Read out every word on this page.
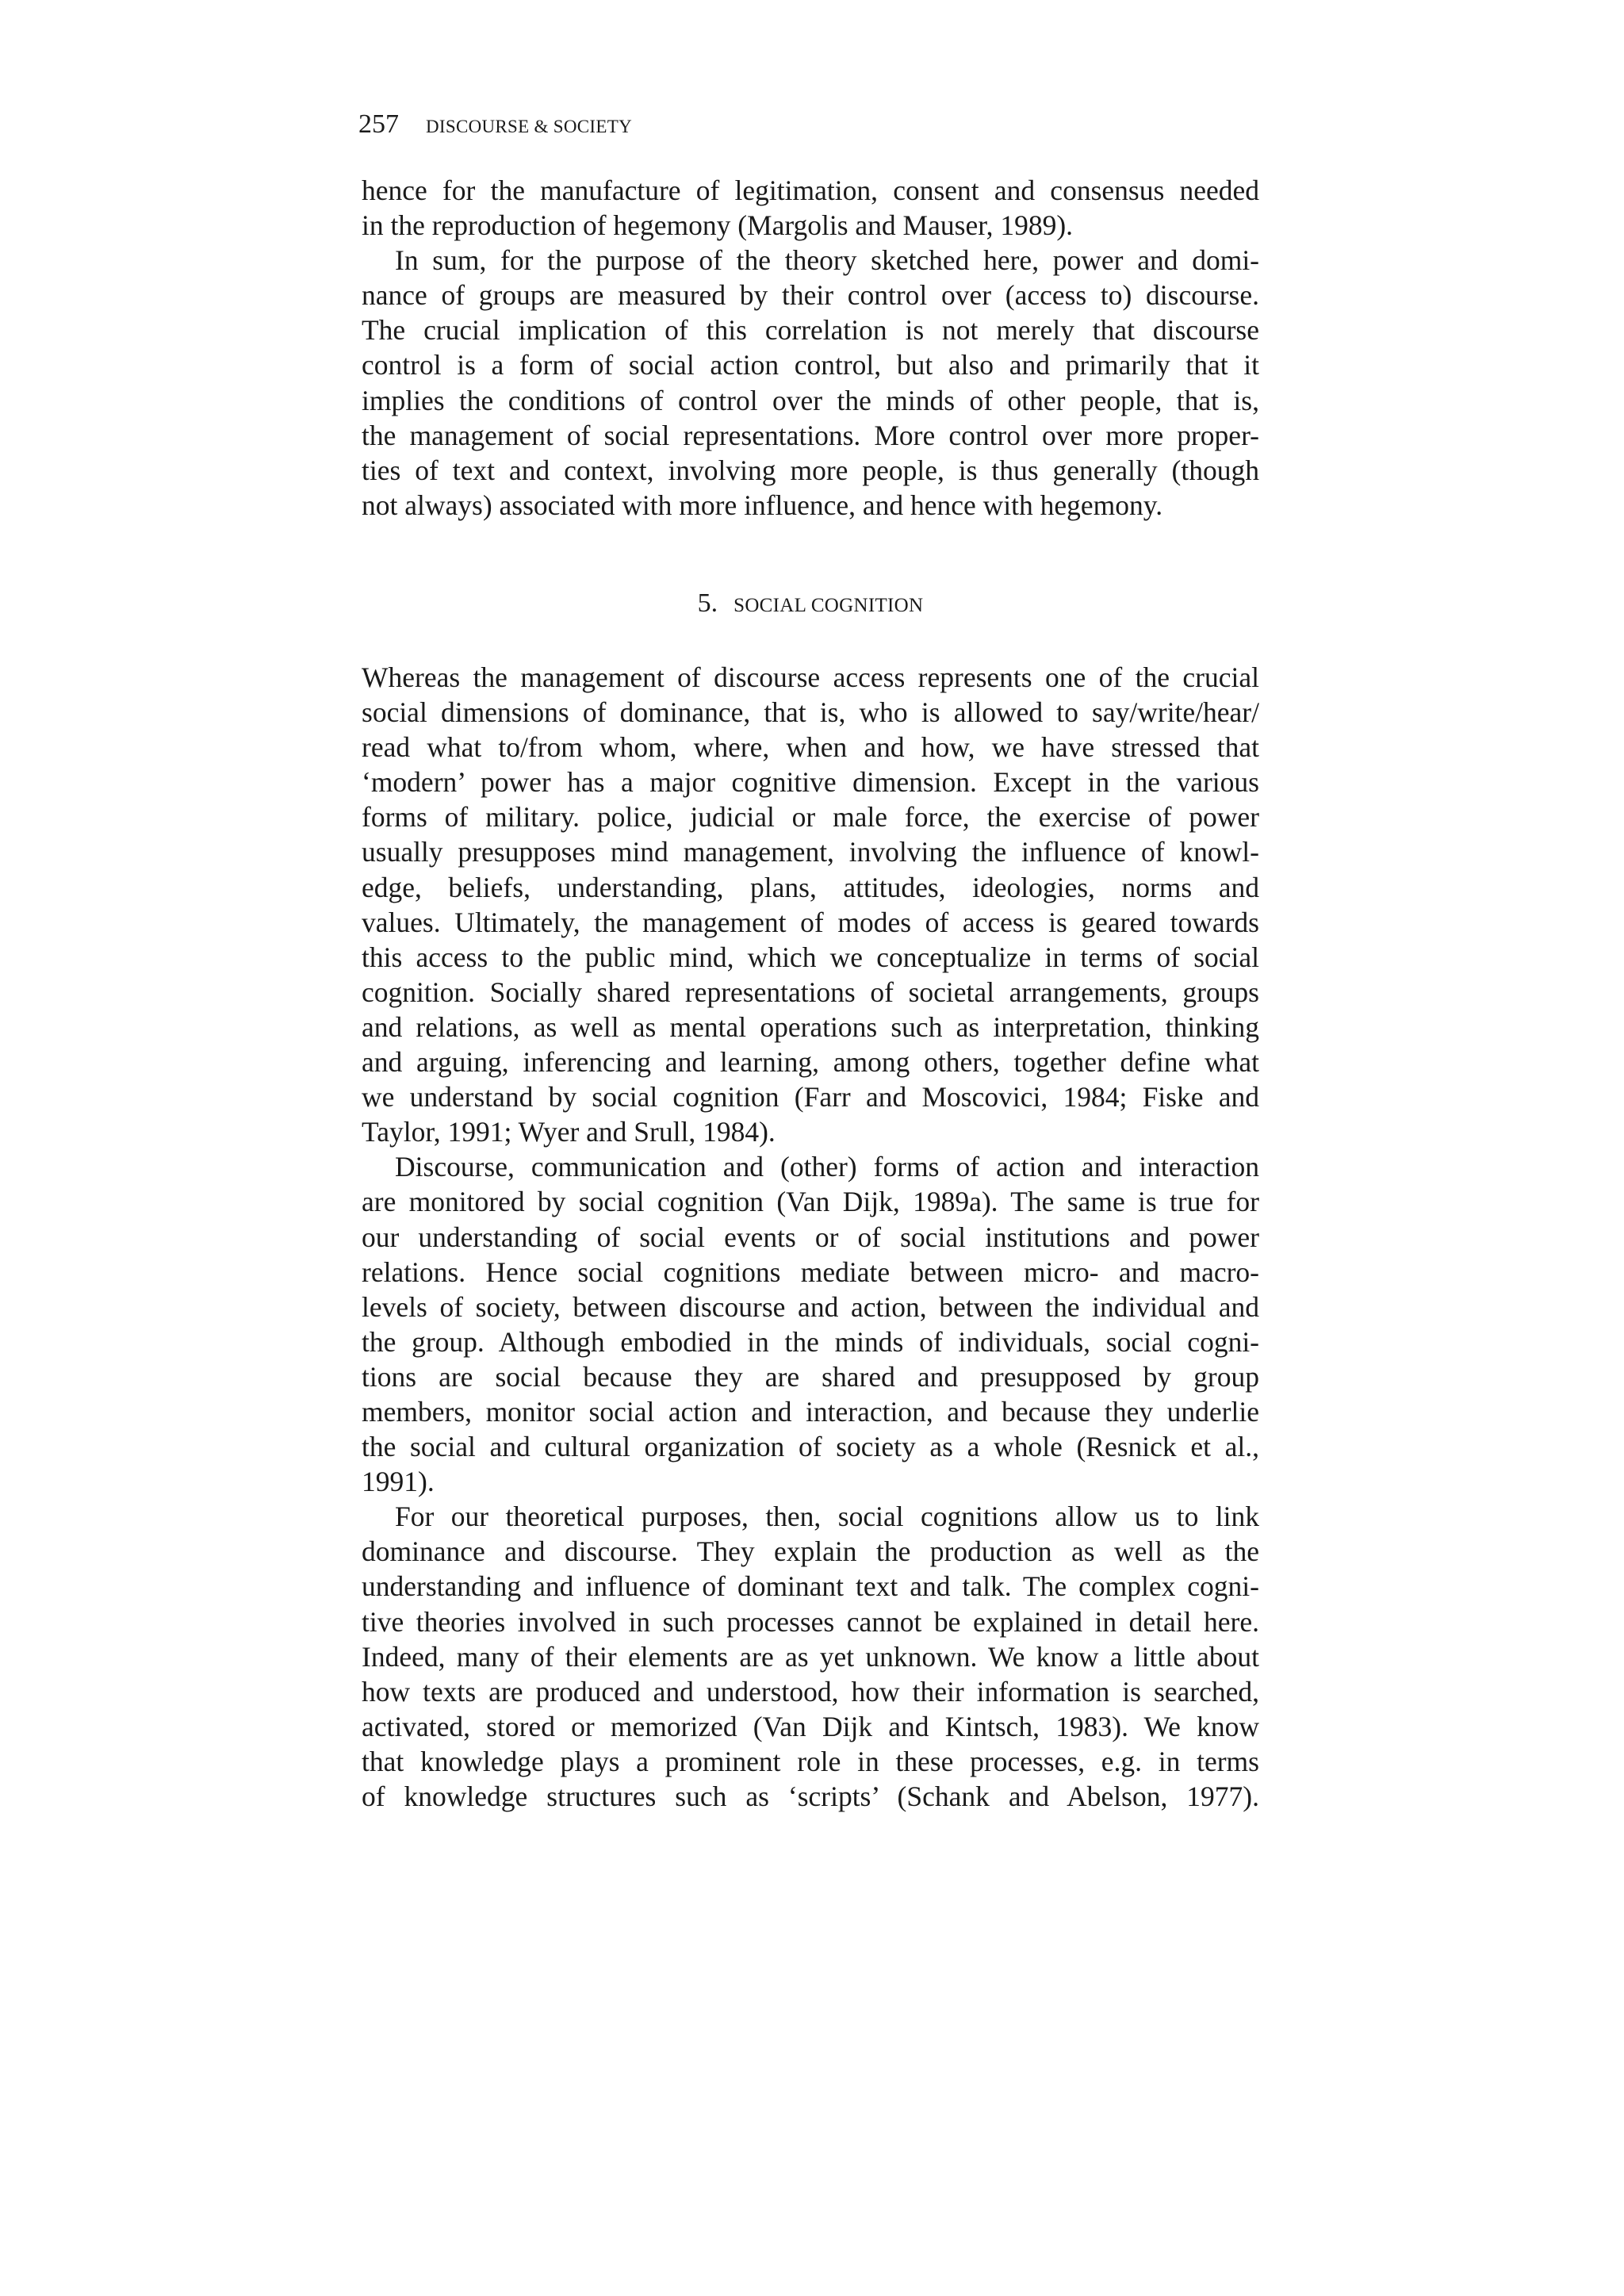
257 DISCOURSE & SOCIETY
hence for the manufacture of legitimation, consent and consensus needed
in the reproduction of hegemony (Margolis and Mauser, 1989).
In sum, for the purpose of the theory sketched here, power and domi-
nance of groups are measured by their control over (access to) discourse.
The crucial implication of this correlation is not merely that discourse
control is a form of social action control, but also and primarily that it
implies the conditions of control over the minds of other people, that is,
the management of social representations. More control over more proper-
ties of text and context, involving more people, is thus generally (though
not always) associated with more influence, and hence with hegemony.
5. SOCIAL COGNITION
Whereas the management of discourse access represents one of the crucial
social dimensions of dominance, that is, who is allowed to say/write/hear/
read what to/from whom, where, when and how, we have stressed that
‘modern’ power has a major cognitive dimension. Except in the various
forms of military. police, judicial or male force, the exercise of power
usually presupposes mind management, involving the influence of knowl-
edge, beliefs, understanding, plans, attitudes, ideologies, norms and
values. Ultimately, the management of modes of access is geared towards
this access to the public mind, which we conceptualize in terms of social
cognition. Socially shared representations of societal arrangements, groups
and relations, as well as mental operations such as interpretation, thinking
and arguing, inferencing and learning, among others, together define what
we understand by social cognition (Farr and Moscovici, 1984; Fiske and
Taylor, 1991; Wyer and Srull, 1984).
Discourse, communication and (other) forms of action and interaction
are monitored by social cognition (Van Dijk, 1989a). The same is true for
our understanding of social events or of social institutions and power
relations. Hence social cognitions mediate between micro- and macro-
levels of society, between discourse and action, between the individual and
the group. Although embodied in the minds of individuals, social cogni-
tions are social because they are shared and presupposed by group
members, monitor social action and interaction, and because they underlie
the social and cultural organization of society as a whole (Resnick et al.,
1991).
For our theoretical purposes, then, social cognitions allow us to link
dominance and discourse. They explain the production as well as the
understanding and influence of dominant text and talk. The complex cogni-
tive theories involved in such processes cannot be explained in detail here.
Indeed, many of their elements are as yet unknown. We know a little about
how texts are produced and understood, how their information is searched,
activated, stored or memorized (Van Dijk and Kintsch, 1983). We know
that knowledge plays a prominent role in these processes, e.g. in terms
of knowledge structures such as ‘scripts’ (Schank and Abelson, 1977).
